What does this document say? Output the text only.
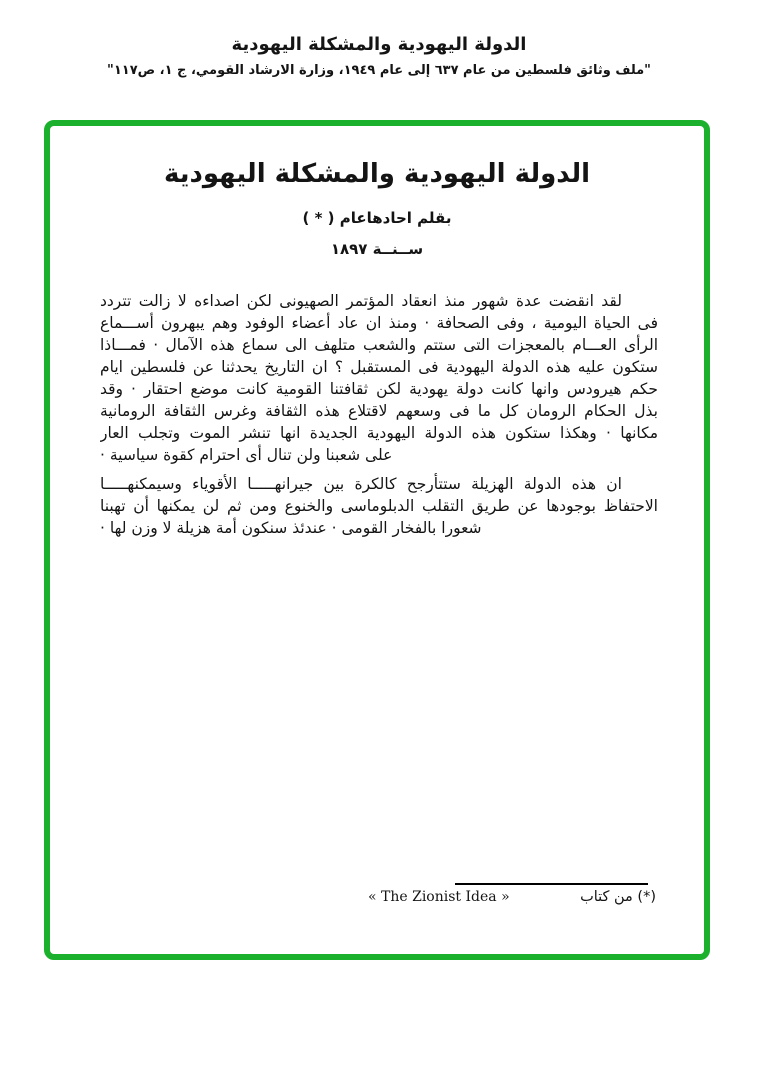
الدولة اليهودية والمشكلة اليهودية
"ملف وثائق فلسطين من عام ٦٣٧ إلى عام ١٩٤٩، وزارة الارشاد القومي، ج ١، ص١١٧"
الدولة اليهودية والمشكلة اليهودية
بقلم احادهاعام ( * )
ســنــة ١٨٩٧
لقد انقضت عدة شهور منذ انعقاد المؤتمر الصهيونى لكن اصداءه لا زالت تتردد
فى الحياة اليومية ، وفى الصحافة · ومنذ ان عاد أعضاء الوفود وهم يبهرون أســـماع
الرأى العـــام بالمعجزات التى ستتم والشعب متلهف الى سماع هذه الآمال · فمـــاذا
ستكون عليه هذه الدولة اليهودية فى المستقبل ؟ ان التاريخ يحدثنا عن فلسطين ايام
حكم هيرودس وانها كانت دولة يهودية لكن ثقافتنا القومية كانت موضع احتقار · وقد
بذل الحكام الرومان كل ما فى وسعهم لاقتلاع هذه الثقافة وغرس الثقافة الرومانية
مكانها · وهكذا ستكون هذه الدولة اليهودية الجديدة انها تنشر الموت وتجلب العار
على شعبنا ولن تنال أى احترام كقوة سياسية ·
ان هذه الدولة الهزيلة ستتأرجح كالكرة بين جيرانهـــــا الأقوياء وسيمكنهـــــا
الاحتفاظ بوجودها عن طريق التقلب الدبلوماسى والخنوع ومن ثم لن يمكنها أن تهبنا
شعورا بالفخار القومى · عندئذ سنكون أمة هزيلة لا وزن لها ·
« The Zionist Idea »	(*) من كتاب
